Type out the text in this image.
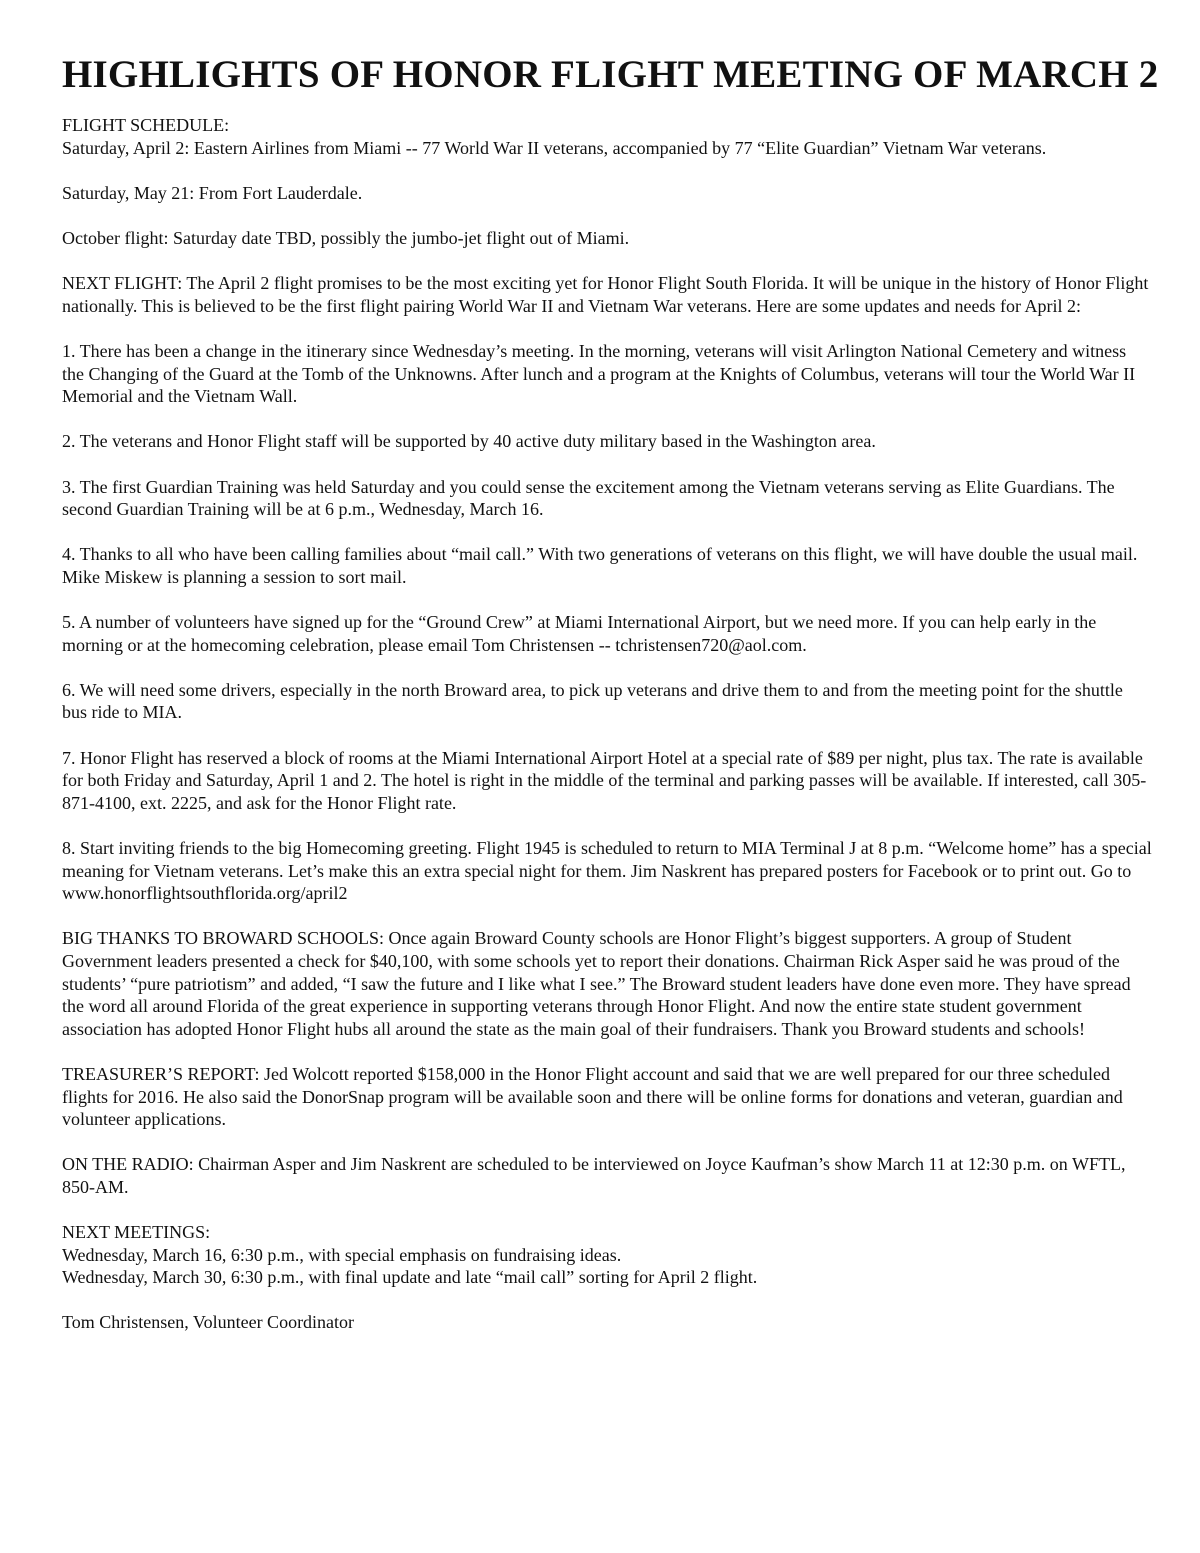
HIGHLIGHTS OF HONOR FLIGHT MEETING OF MARCH 2
FLIGHT SCHEDULE:
Saturday, April 2: Eastern Airlines from Miami -- 77 World War II veterans, accompanied by 77 “Elite Guardian” Vietnam War veterans.
Saturday, May 21: From Fort Lauderdale.
October flight: Saturday date TBD, possibly the jumbo-jet flight out of Miami.
NEXT FLIGHT: The April 2 flight promises to be the most exciting yet for Honor Flight South Florida. It will be unique in the history of Honor Flight nationally. This is believed to be the first flight pairing World War II and Vietnam War veterans. Here are some updates and needs for April 2:
1. There has been a change in the itinerary since Wednesday’s meeting. In the morning, veterans will visit Arlington National Cemetery and witness the Changing of the Guard at the Tomb of the Unknowns. After lunch and a program at the Knights of Columbus, veterans will tour the World War II Memorial and the Vietnam Wall.
2. The veterans and Honor Flight staff will be supported by 40 active duty military based in the Washington area.
3. The first Guardian Training was held Saturday and you could sense the excitement among the Vietnam veterans serving as Elite Guardians. The second Guardian Training will be at 6 p.m., Wednesday, March 16.
4. Thanks to all who have been calling families about “mail call.” With two generations of veterans on this flight, we will have double the usual mail. Mike Miskew is planning a session to sort mail.
5. A number of volunteers have signed up for the “Ground Crew” at Miami International Airport, but we need more. If you can help early in the morning or at the homecoming celebration, please email Tom Christensen -- tchristensen720@aol.com.
6. We will need some drivers, especially in the north Broward area, to pick up veterans and drive them to and from the meeting point for the shuttle bus ride to MIA.
7. Honor Flight has reserved a block of rooms at the Miami International Airport Hotel at a special rate of $89 per night, plus tax. The rate is available for both Friday and Saturday, April 1 and 2. The hotel is right in the middle of the terminal and parking passes will be available. If interested, call 305-871-4100, ext. 2225, and ask for the Honor Flight rate.
8. Start inviting friends to the big Homecoming greeting. Flight 1945 is scheduled to return to MIA Terminal J at 8 p.m. “Welcome home” has a special meaning for Vietnam veterans. Let’s make this an extra special night for them. Jim Naskrent has prepared posters for Facebook or to print out. Go to www.honorflightsouthflorida.org/april2
BIG THANKS TO BROWARD SCHOOLS: Once again Broward County schools are Honor Flight’s biggest supporters. A group of Student Government leaders presented a check for $40,100, with some schools yet to report their donations. Chairman Rick Asper said he was proud of the students’ “pure patriotism” and added, “I saw the future and I like what I see.” The Broward student leaders have done even more. They have spread the word all around Florida of the great experience in supporting veterans through Honor Flight. And now the entire state student government association has adopted Honor Flight hubs all around the state as the main goal of their fundraisers. Thank you Broward students and schools!
TREASURER’S REPORT: Jed Wolcott reported $158,000 in the Honor Flight account and said that we are well prepared for our three scheduled flights for 2016. He also said the DonorSnap program will be available soon and there will be online forms for donations and veteran, guardian and volunteer applications.
ON THE RADIO: Chairman Asper and Jim Naskrent are scheduled to be interviewed on Joyce Kaufman’s show March 11 at 12:30 p.m. on WFTL, 850-AM.
NEXT MEETINGS:
Wednesday, March 16, 6:30 p.m., with special emphasis on fundraising ideas.
Wednesday, March 30, 6:30 p.m., with final update and late “mail call” sorting for April 2 flight.
Tom Christensen, Volunteer Coordinator
